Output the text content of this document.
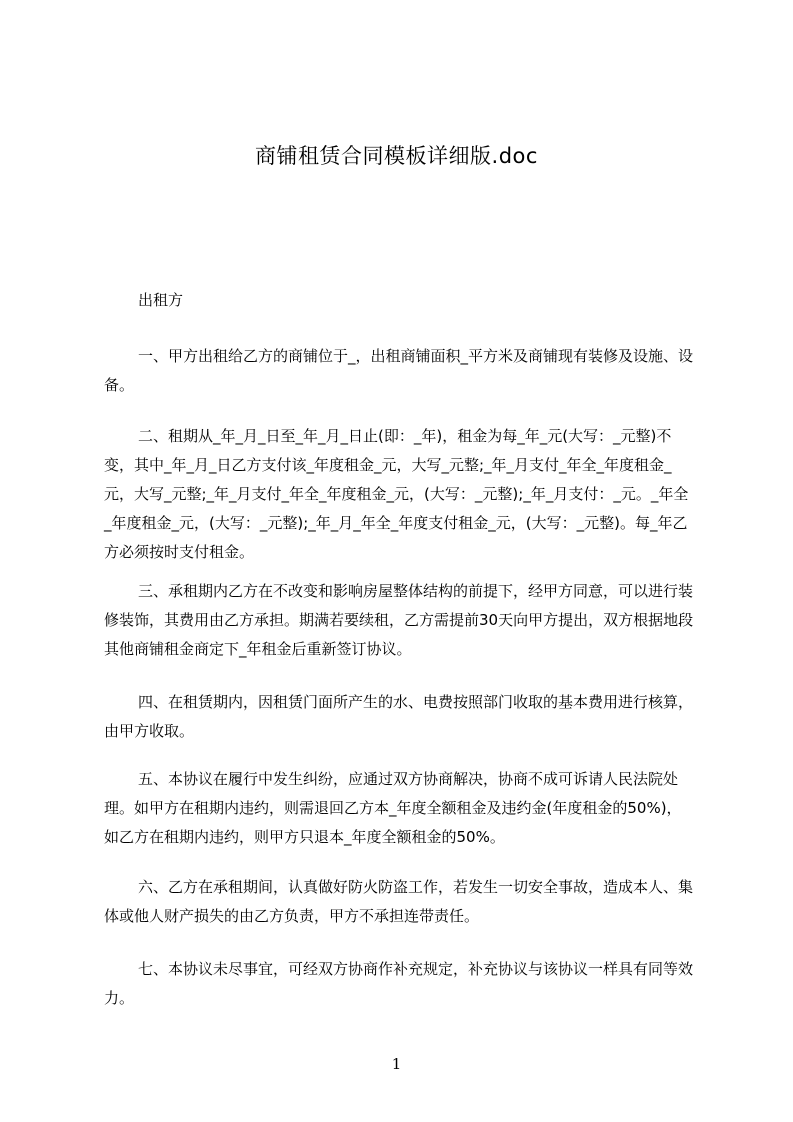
商铺租赁合同模板详细版.doc
出租方

一、甲方出租给乙方的商铺位于_，出租商铺面积_平方米及商铺现有装修及设施、设备。

二、租期从_年_月_日至_年_月_日止(即：_年)，租金为每_年_元(大写：_元整)不变，其中_年_月_日乙方支付该_年度租金_元，大写_元整;_年_月支付_年全_年度租金_元，大写_元整;_年_月支付_年全_年度租金_元，(大写：_元整);_年_月支付：_元。_年全_年度租金_元，(大写：_元整);_年_月_年全_年度支付租金_元，(大写：_元整)。每_年乙方必须按时支付租金。

三、承租期内乙方在不改变和影响房屋整体结构的前提下，经甲方同意，可以进行装修装饰，其费用由乙方承担。期满若要续租，乙方需提前30天向甲方提出，双方根据地段其他商铺租金商定下_年租金后重新签订协议。

四、在租赁期内，因租赁门面所产生的水、电费按照部门收取的基本费用进行核算，由甲方收取。

五、本协议在履行中发生纠纷，应通过双方协商解决，协商不成可诉请人民法院处理。如甲方在租期内违约，则需退回乙方本_年度全额租金及违约金(年度租金的50%)，如乙方在租期内违约，则甲方只退本_年度全额租金的50%。

六、乙方在承租期间，认真做好防火防盗工作，若发生一切安全事故，造成本人、集体或他人财产损失的由乙方负责，甲方不承担连带责任。

七、本协议未尽事宜，可经双方协商作补充规定，补充协议与该协议一样具有同等效力。

1
